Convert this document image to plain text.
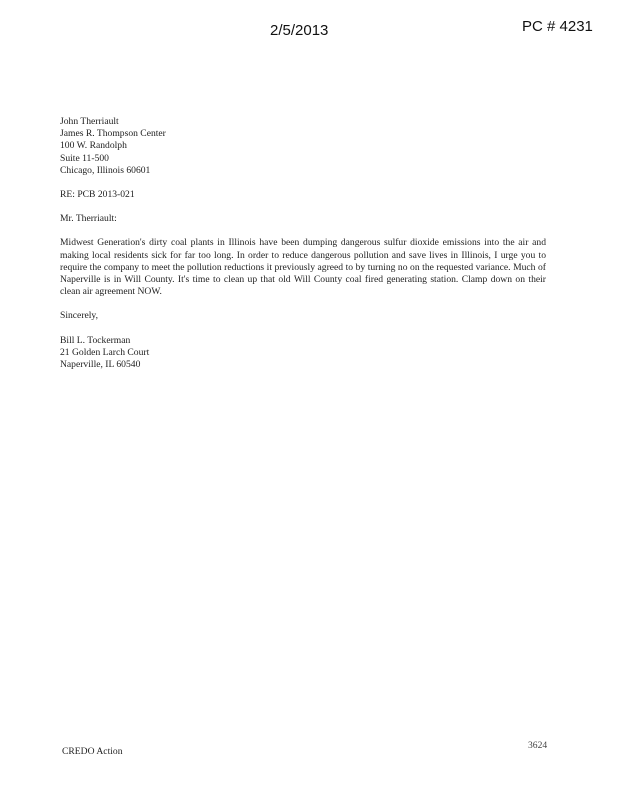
2/5/2013	PC # 4231
John Therriault
James R. Thompson Center
100 W. Randolph
Suite 11-500
Chicago, Illinois 60601
RE: PCB 2013-021
Mr. Therriault:
Midwest Generation's dirty coal plants in Illinois have been dumping dangerous sulfur dioxide emissions into the air and making local residents sick for far too long. In order to reduce dangerous pollution and save lives in Illinois, I urge you to require the company to meet the pollution reductions it previously agreed to by turning no on the requested variance. Much of Naperville is in Will County. It's time to clean up that old Will County coal fired generating station. Clamp down on their clean air agreement NOW.
Sincerely,
Bill L. Tockerman
21 Golden Larch Court
Naperville, IL 60540
CREDO Action
3624
